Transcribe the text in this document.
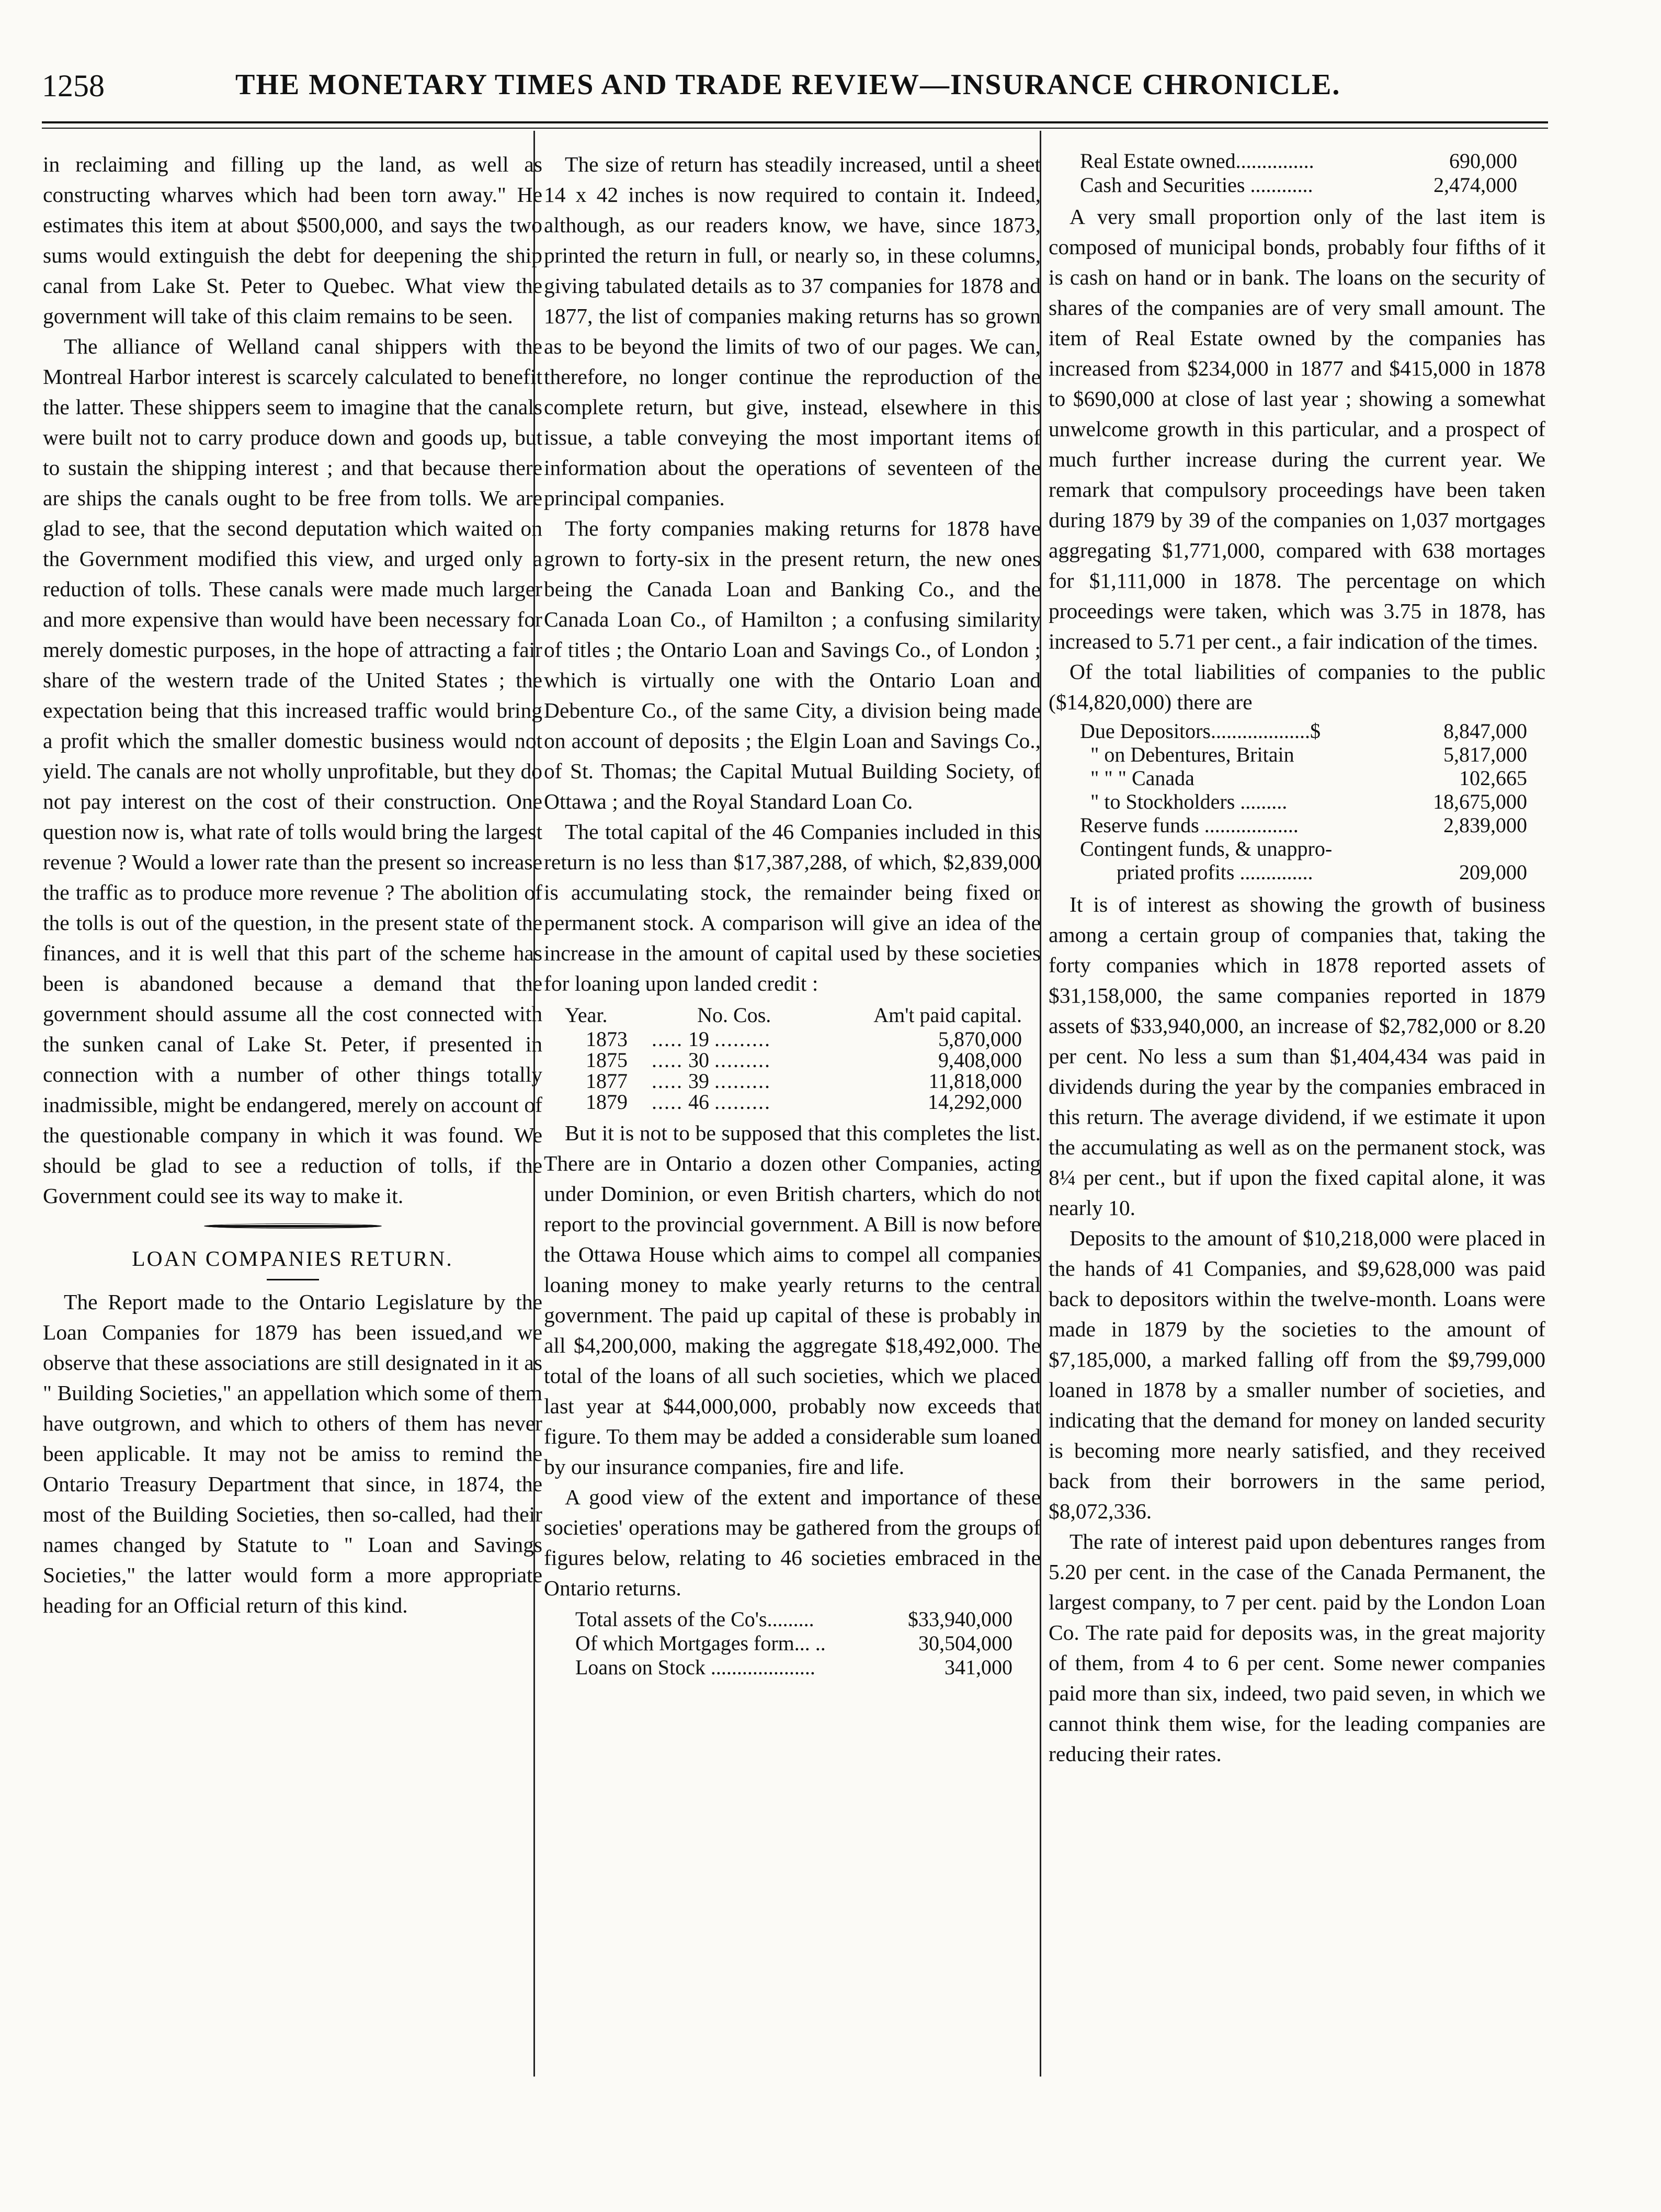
1258	THE MONETARY TIMES AND TRADE REVIEW—INSURANCE CHRONICLE.

in reclaiming and filling up the land, as well as constructing wharves which had been torn away." He estimates this item at about $500,000, and says the two sums would extinguish the debt for deepening the ship canal from Lake St. Peter to Quebec. What view the government will take of this claim remains to be seen.

The alliance of Welland canal shippers with the Montreal Harbor interest is scarcely calculated to benefit the latter. These shippers seem to imagine that the canals were built not to carry produce down and goods up, but to sustain the shipping interest ; and that because there are ships the canals ought to be free from tolls. We are glad to see, that the second deputation which waited on the Government modified this view, and urged only a reduction of tolls. These canals were made much larger and more expensive than would have been necessary for merely domestic purposes, in the hope of attracting a fair share of the western trade of the United States ; the expectation being that this increased traffic would bring a profit which the smaller domestic business would not yield. The canals are not wholly unprofitable, but they do not pay interest on the cost of their construction. One question now is, what rate of tolls would bring the largest revenue ? Would a lower rate than the present so increase the traffic as to produce more revenue ? The abolition of the tolls is out of the question, in the present state of the finances, and it is well that this part of the scheme has been is abandoned because a demand that the government should assume all the cost connected with the sunken canal of Lake St. Peter, if presented in connection with a number of other things totally inadmissible, might be endangered, merely on account of the questionable company in which it was found. We should be glad to see a reduction of tolls, if the Government could see its way to make it.

LOAN COMPANIES RETURN.

The Report made to the Ontario Legislature by the Loan Companies for 1879 has been issued,and we observe that these associations are still designated in it as " Building Societies," an appellation which some of them have outgrown, and which to others of them has never been applicable. It may not be amiss to remind the Ontario Treasury Department that since, in 1874, the most of the Building Societies, then so-called, had their names changed by Statute to " Loan and Savings Societies," the latter would form a more appropriate heading for an Official return of this kind.

The size of return has steadily increased, until a sheet 14 x 42 inches is now required to contain it. Indeed, although, as our readers know, we have, since 1873, printed the return in full, or nearly so, in these columns, giving tabulated details as to 37 companies for 1878 and 1877, the list of companies making returns has so grown as to be beyond the limits of two of our pages. We can, therefore, no longer continue the reproduction of the complete return, but give, instead, elsewhere in this issue, a table conveying the most important items of information about the operations of seventeen of the principal companies.

The forty companies making returns for 1878 have grown to forty-six in the present return, the new ones being the Canada Loan and Banking Co., and the Canada Loan Co., of Hamilton ; a confusing similarity of titles ; the Ontario Loan and Savings Co., of London ; which is virtually one with the Ontario Loan and Debenture Co., of the same City, a division being made on account of deposits ; the Elgin Loan and Savings Co., of St. Thomas; the Capital Mutual Building Society, of Ottawa ; and the Royal Standard Loan Co.

The total capital of the 46 Companies included in this return is no less than $17,387,288, of which, $2,839,000 is accumulating stock, the remainder being fixed or permanent stock. A comparison will give an idea of the increase in the amount of capital used by these societies for loaning upon landed credit :

Year.	No. Cos.	Am't paid capital.
1873	..... 19 .........	5,870,000
1875	..... 30 .........	9,408,000
1877	..... 39 .........	11,818,000
1879	..... 46 .........	14,292,000

But it is not to be supposed that this completes the list. There are in Ontario a dozen other Companies, acting under Dominion, or even British charters, which do not report to the provincial government. A Bill is now before the Ottawa House which aims to compel all companies loaning money to make yearly returns to the central government. The paid up capital of these is probably in all $4,200,000, making the aggregate $18,492,000. The total of the loans of all such societies, which we placed last year at $44,000,000, probably now exceeds that figure. To them may be added a considerable sum loaned by our insurance companies, fire and life.

A good view of the extent and importance of these societies' operations may be gathered from the groups of figures below, relating to 46 societies embraced in the Ontario returns.

Total assets of the Co's.........	$33,940,000
Of which Mortgages form... ..	30,504,000
Loans on Stock ....................	341,000
Real Estate owned...............	690,000
Cash and Securities ............	2,474,000

A very small proportion only of the last item is composed of municipal bonds, probably four fifths of it is cash on hand or in bank. The loans on the security of shares of the companies are of very small amount. The item of Real Estate owned by the companies has increased from $234,000 in 1877 and $415,000 in 1878 to $690,000 at close of last year ; showing a somewhat unwelcome growth in this particular, and a prospect of much further increase during the current year. We remark that compulsory proceedings have been taken during 1879 by 39 of the companies on 1,037 mortgages aggregating $1,771,000, compared with 638 mortages for $1,111,000 in 1878. The percentage on which proceedings were taken, which was 3.75 in 1878, has increased to 5.71 per cent., a fair indication of the times.

Of the total liabilities of companies to the public ($14,820,000) there are

Due Depositors...................$	8,847,000
" on Debentures, Britain	5,817,000
" " " Canada	102,665
" to Stockholders .........	18,675,000
Reserve funds ..................	2,839,000
Contingent funds, & unappro-	
priated profits ..............	209,000

It is of interest as showing the growth of business among a certain group of companies that, taking the forty companies which in 1878 reported assets of $31,158,000, the same companies reported in 1879 assets of $33,940,000, an increase of $2,782,000 or 8.20 per cent. No less a sum than $1,404,434 was paid in dividends during the year by the companies embraced in this return. The average dividend, if we estimate it upon the accumulating as well as on the permanent stock, was 8¼ per cent., but if upon the fixed capital alone, it was nearly 10.

Deposits to the amount of $10,218,000 were placed in the hands of 41 Companies, and $9,628,000 was paid back to depositors within the twelve-month. Loans were made in 1879 by the societies to the amount of $7,185,000, a marked falling off from the $9,799,000 loaned in 1878 by a smaller number of societies, and indicating that the demand for money on landed security is becoming more nearly satisfied, and they received back from their borrowers in the same period, $8,072,336.

The rate of interest paid upon debentures ranges from 5.20 per cent. in the case of the Canada Permanent, the largest company, to 7 per cent. paid by the London Loan Co. The rate paid for deposits was, in the great majority of them, from 4 to 6 per cent. Some newer companies paid more than six, indeed, two paid seven, in which we cannot think them wise, for the leading companies are reducing their rates.
